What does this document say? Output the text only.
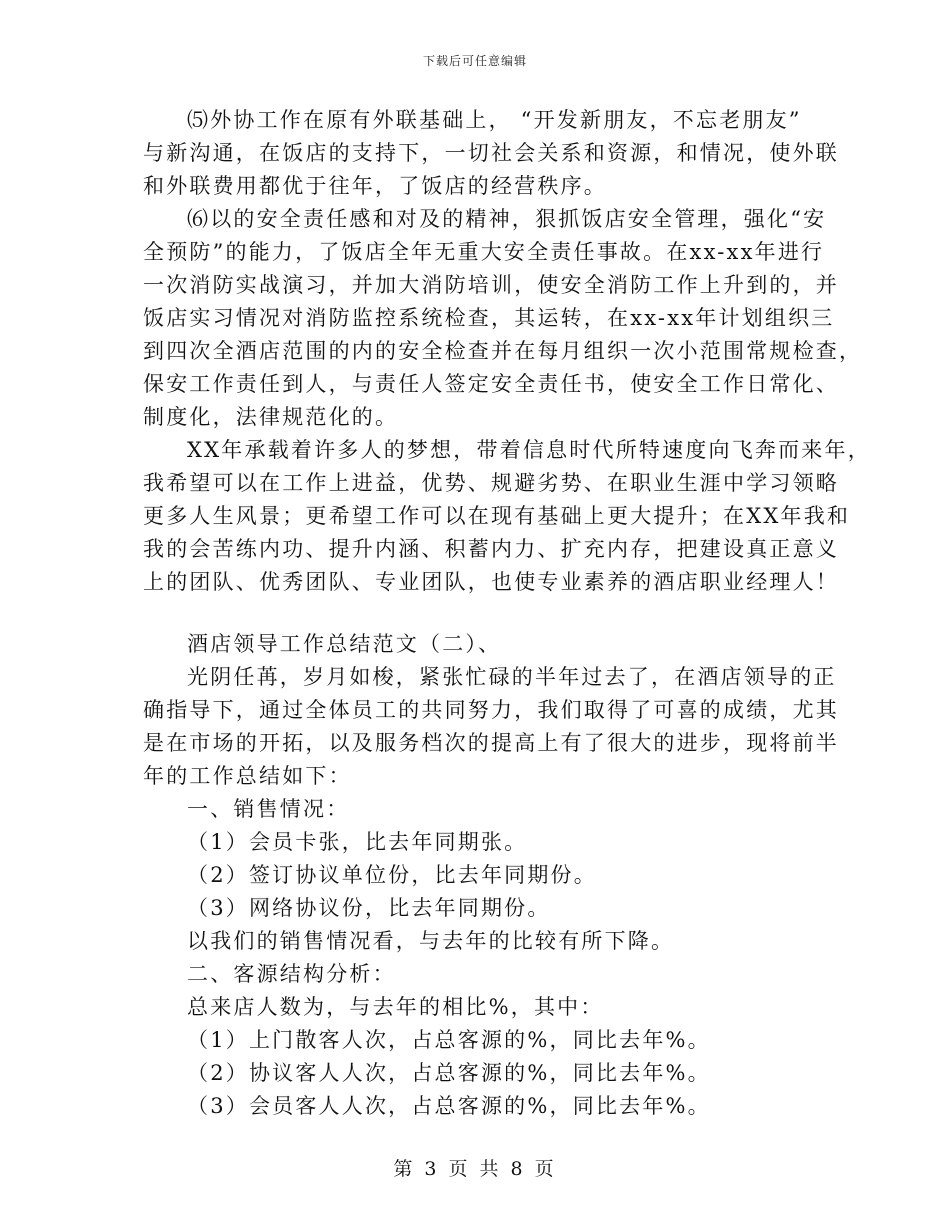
下载后可任意编辑
⑸外协工作在原有外联基础上， “开发新朋友，不忘老朋友”
与新沟通，在饭店的支持下，一切社会关系和资源，和情况，使外联
和外联费用都优于往年，了饭店的经营秩序。
⑹以的安全责任感和对及的精神，狠抓饭店安全管理，强化“安
全预防”的能力，了饭店全年无重大安全责任事故。在xx-xx年进行
一次消防实战演习，并加大消防培训，使安全消防工作上升到的，并
饭店实习情况对消防监控系统检查，其运转，在xx-xx年计划组织三
到四次全酒店范围的内的安全检查并在每月组织一次小范围常规检查，
保安工作责任到人，与责任人签定安全责任书，使安全工作日常化、
制度化，法律规范化的。
XX年承载着许多人的梦想，带着信息时代所特速度向飞奔而来年，
我希望可以在工作上进益，优势、规避劣势、在职业生涯中学习领略
更多人生风景；更希望工作可以在现有基础上更大提升；在XX年我和
我的会苦练内功、提升内涵、积蓄内力、扩充内存，把建设真正意义
上的团队、优秀团队、专业团队，也使专业素养的酒店职业经理人！
酒店领导工作总结范文（二）、
光阴任苒，岁月如梭，紧张忙碌的半年过去了，在酒店领导的正
确指导下，通过全体员工的共同努力，我们取得了可喜的成绩，尤其
是在市场的开拓，以及服务档次的提高上有了很大的进步，现将前半
年的工作总结如下：
一、销售情况：
（1）会员卡张，比去年同期张。
（2）签订协议单位份，比去年同期份。
（3）网络协议份，比去年同期份。
以我们的销售情况看，与去年的比较有所下降。
二、客源结构分析：
总来店人数为，与去年的相比%，其中：
（1）上门散客人次，占总客源的%，同比去年%。
（2）协议客人人次，占总客源的%，同比去年%。
（3）会员客人人次，占总客源的%，同比去年%。
第 3 页 共 8 页
